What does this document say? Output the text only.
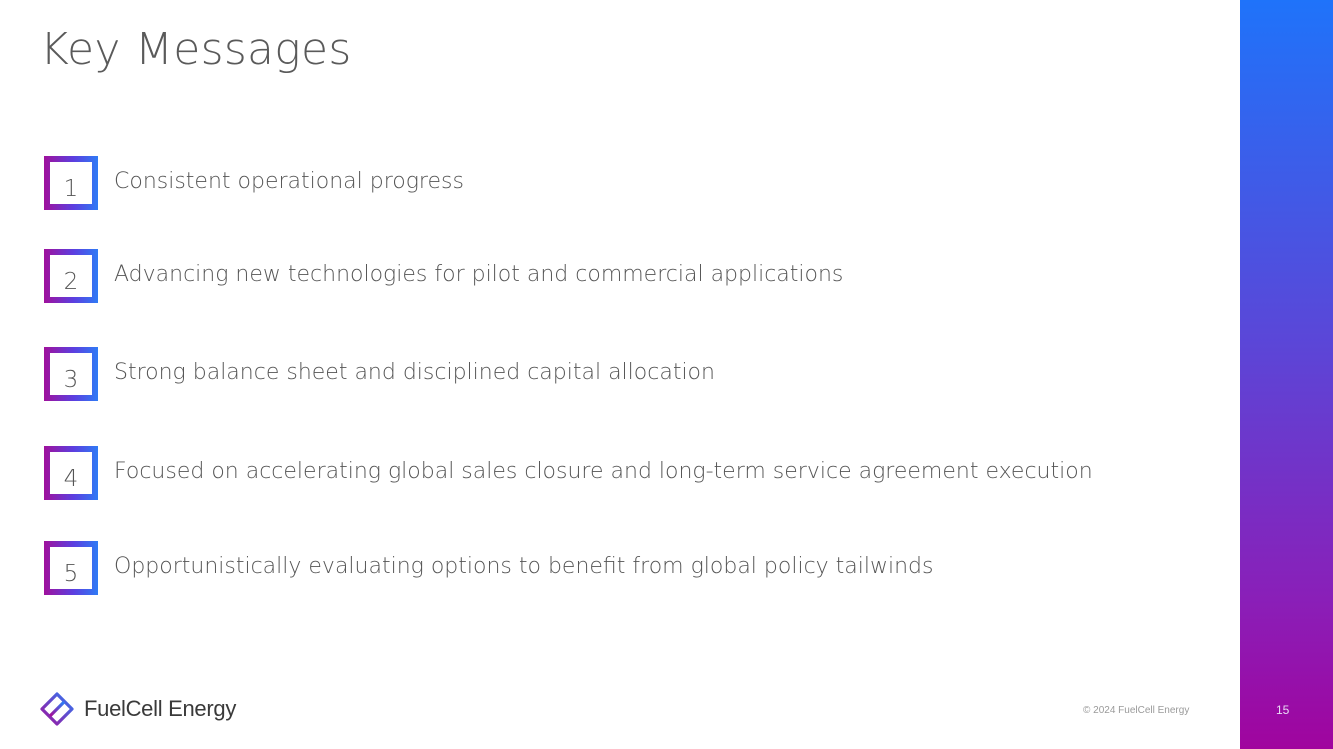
Key Messages
1	Consistent operational progress
2	Advancing new technologies for pilot and commercial applications
3	Strong balance sheet and disciplined capital allocation
4	Focused on accelerating global sales closure and long-term service agreement execution
5	Opportunistically evaluating options to benefit from global policy tailwinds
FuelCell Energy	© 2024 FuelCell Energy	15
